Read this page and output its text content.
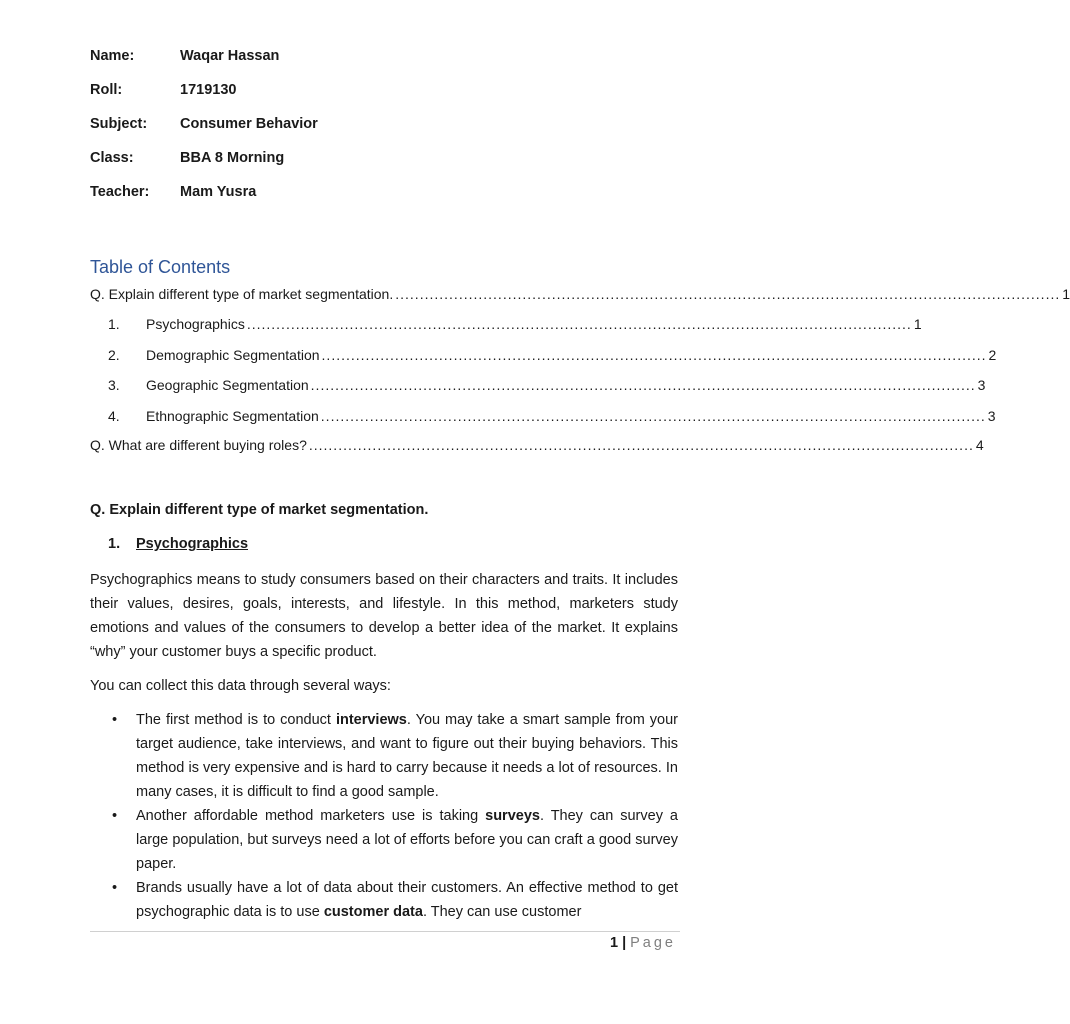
Name:	Waqar Hassan
Roll:	1719130
Subject: Consumer Behavior
Class:	BBA 8 Morning
Teacher: Mam Yusra
Table of Contents
Q. Explain different type of market segmentation. ........................................................................................................................................ 1
1.	Psychographics ........................................................................................................................................ 1
2.	Demographic Segmentation ........................................................................................................................................ 2
3.	Geographic Segmentation ........................................................................................................................................ 3
4.	Ethnographic Segmentation ........................................................................................................................................ 3
Q. What are different buying roles? ........................................................................................................................................ 4
Q. Explain different type of market segmentation.
1. Psychographics

Psychographics means to study consumers based on their characters and traits. It includes their values, desires, goals, interests, and lifestyle. In this method, marketers study emotions and values of the consumers to develop a better idea of the market. It explains “why” your customer buys a specific product.

You can collect this data through several ways:

• The first method is to conduct interviews. You may take a smart sample from your target audience, take interviews, and want to figure out their buying behaviors. This method is very expensive and is hard to carry because it needs a lot of resources. In many cases, it is difficult to find a good sample.
• Another affordable method marketers use is taking surveys. They can survey a large population, but surveys need a lot of efforts before you can craft a good survey paper.
• Brands usually have a lot of data about their customers. An effective method to get psychographic data is to use customer data. They can use customer
1 | Page
